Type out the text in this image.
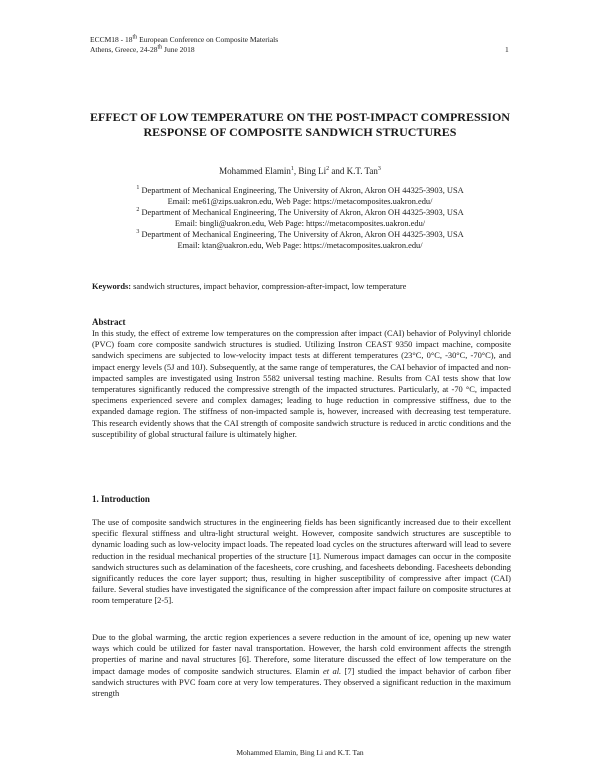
ECCM18 - 18th European Conference on Composite Materials
Athens, Greece, 24-28th June 2018	1
EFFECT OF LOW TEMPERATURE ON THE POST-IMPACT COMPRESSION RESPONSE OF COMPOSITE SANDWICH STRUCTURES
Mohammed Elamin$^1$, Bing Li$^2$ and K.T. Tan$^3$
$^1$ Department of Mechanical Engineering, The University of Akron, Akron OH 44325-3903, USA
Email: me61@zips.uakron.edu, Web Page: https://metacomposites.uakron.edu/
$^2$ Department of Mechanical Engineering, The University of Akron, Akron OH 44325-3903, USA
Email: bingli@uakron.edu, Web Page: https://metacomposites.uakron.edu/
$^3$ Department of Mechanical Engineering, The University of Akron, Akron OH 44325-3903, USA
Email: ktan@uakron.edu, Web Page: https://metacomposites.uakron.edu/
Keywords: sandwich structures, impact behavior, compression-after-impact, low temperature
Abstract
In this study, the effect of extreme low temperatures on the compression after impact (CAI) behavior of Polyvinyl chloride (PVC) foam core composite sandwich structures is studied. Utilizing Instron CEAST 9350 impact machine, composite sandwich specimens are subjected to low-velocity impact tests at different temperatures (23°C, 0°C, -30°C, -70°C), and impact energy levels (5J and 10J). Subsequently, at the same range of temperatures, the CAI behavior of impacted and non-impacted samples are investigated using Instron 5582 universal testing machine. Results from CAI tests show that low temperatures significantly reduced the compressive strength of the impacted structures. Particularly, at -70 °C, impacted specimens experienced severe and complex damages; leading to huge reduction in compressive stiffness, due to the expanded damage region. The stiffness of non-impacted sample is, however, increased with decreasing test temperature. This research evidently shows that the CAI strength of composite sandwich structure is reduced in arctic conditions and the susceptibility of global structural failure is ultimately higher.
1. Introduction
The use of composite sandwich structures in the engineering fields has been significantly increased due to their excellent specific flexural stiffness and ultra-light structural weight. However, composite sandwich structures are susceptible to dynamic loading such as low-velocity impact loads. The repeated load cycles on the structures afterward will lead to severe reduction in the residual mechanical properties of the structure [1]. Numerous impact damages can occur in the composite sandwich structures such as delamination of the facesheets, core crushing, and facesheets debonding. Facesheets debonding significantly reduces the core layer support; thus, resulting in higher susceptibility of compressive after impact (CAI) failure. Several studies have investigated the significance of the compression after impact failure on composite structures at room temperature [2-5].
Due to the global warming, the arctic region experiences a severe reduction in the amount of ice, opening up new water ways which could be utilized for faster naval transportation. However, the harsh cold environment affects the strength properties of marine and naval structures [6]. Therefore, some literature discussed the effect of low temperature on the impact damage modes of composite sandwich structures. Elamin et al. [7] studied the impact behavior of carbon fiber sandwich structures with PVC foam core at very low temperatures. They observed a significant reduction in the maximum strength
Mohammed Elamin, Bing Li and K.T. Tan
